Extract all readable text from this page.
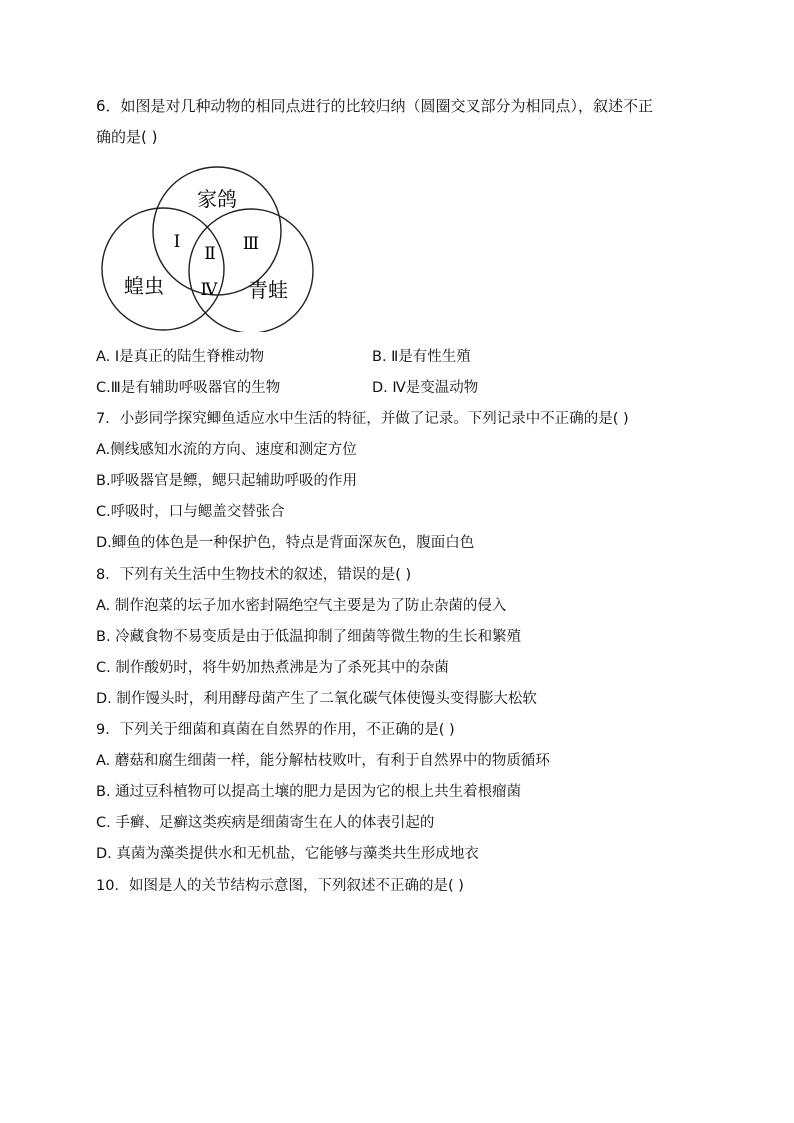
6．如图是对几种动物的相同点进行的比较归纳（圆圈交叉部分为相同点），叙述不正
确的是( )
家鸽
蝗虫	青蛙
Ⅰ
Ⅱ Ⅲ
Ⅳ
A. Ⅰ是真正的陆生脊椎动物	B. Ⅱ是有性生殖
C.Ⅲ是有辅助呼吸器官的生物	D. Ⅳ是变温动物
7．小彭同学探究鲫鱼适应水中生活的特征，并做了记录。下列记录中不正确的是( )
A.侧线感知水流的方向、速度和测定方位
B.呼吸器官是鳔，鳃只起辅助呼吸的作用
C.呼吸时，口与鳃盖交替张合
D.鲫鱼的体色是一种保护色，特点是背面深灰色，腹面白色
8．下列有关生活中生物技术的叙述，错误的是( )
A. 制作泡菜的坛子加水密封隔绝空气主要是为了防止杂菌的侵入
B. 冷藏食物不易变质是由于低温抑制了细菌等微生物的生长和繁殖
C. 制作酸奶时，将牛奶加热煮沸是为了杀死其中的杂菌
D. 制作馒头时，利用酵母菌产生了二氧化碳气体使馒头变得膨大松软
9．下列关于细菌和真菌在自然界的作用，不正确的是( )
A. 蘑菇和腐生细菌一样，能分解枯枝败叶，有利于自然界中的物质循环
B. 通过豆科植物可以提高土壤的肥力是因为它的根上共生着根瘤菌
C. 手癣、足癣这类疾病是细菌寄生在人的体表引起的
D. 真菌为藻类提供水和无机盐，它能够与藻类共生形成地衣
10．如图是人的关节结构示意图，下列叙述不正确的是( )
